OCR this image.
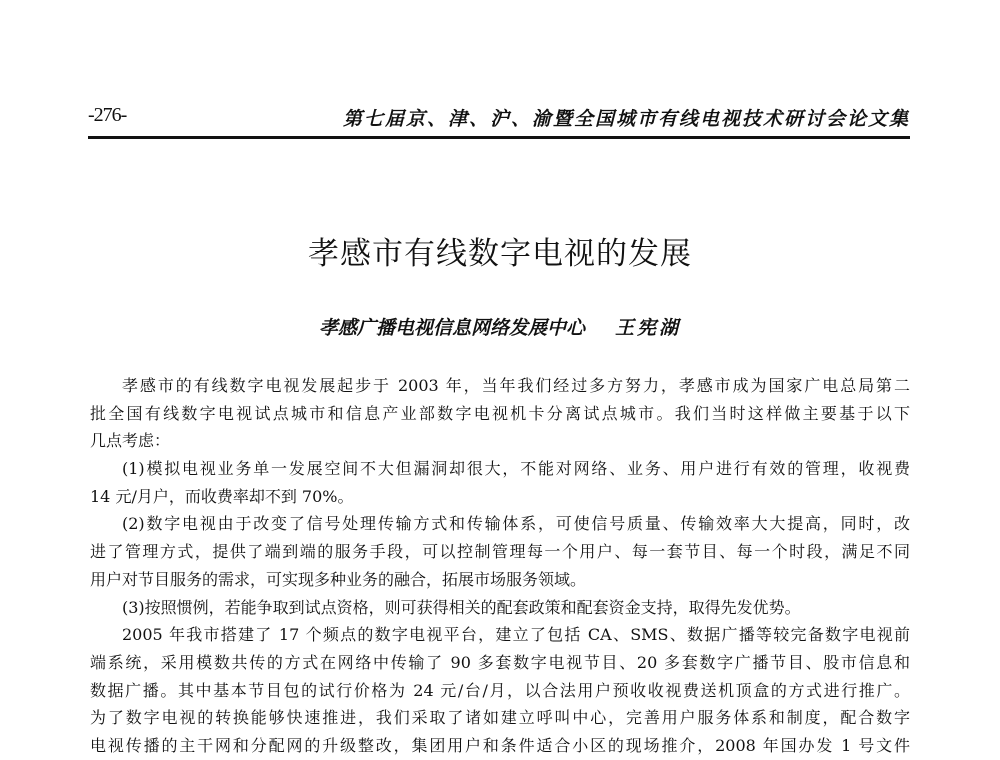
-276-	第七届京、津、沪、渝暨全国城市有线电视技术研讨会论文集
孝感市有线数字电视的发展
孝感广播电视信息网络发展中心 王宪湖
孝感市的有线数字电视发展起步于 2003 年，当年我们经过多方努力，孝感市成为国家广电总局第二
批全国有线数字电视试点城市和信息产业部数字电视机卡分离试点城市。我们当时这样做主要基于以下
几点考虑：
(1)模拟电视业务单一发展空间不大但漏洞却很大，不能对网络、业务、用户进行有效的管理，收视费
14 元/月户，而收费率却不到 70%。
(2)数字电视由于改变了信号处理传输方式和传输体系，可使信号质量、传输效率大大提高，同时，改
进了管理方式，提供了端到端的服务手段，可以控制管理每一个用户、每一套节目、每一个时段，满足不同
用户对节目服务的需求，可实现多种业务的融合，拓展市场服务领域。
(3)按照惯例，若能争取到试点资格，则可获得相关的配套政策和配套资金支持，取得先发优势。
2005 年我市搭建了 17 个频点的数字电视平台，建立了包括 CA、SMS、数据广播等较完备数字电视前
端系统，采用模数共传的方式在网络中传输了 90 多套数字电视节目、20 多套数字广播节目、股市信息和
数据广播。其中基本节目包的试行价格为 24 元/台/月，以合法用户预收收视费送机顶盒的方式进行推广。
为了数字电视的转换能够快速推进，我们采取了诸如建立呼叫中心，完善用户服务体系和制度，配合数字
电视传播的主干网和分配网的升级整改，集团用户和条件适合小区的现场推介，2008 年国办发 1 号文件
